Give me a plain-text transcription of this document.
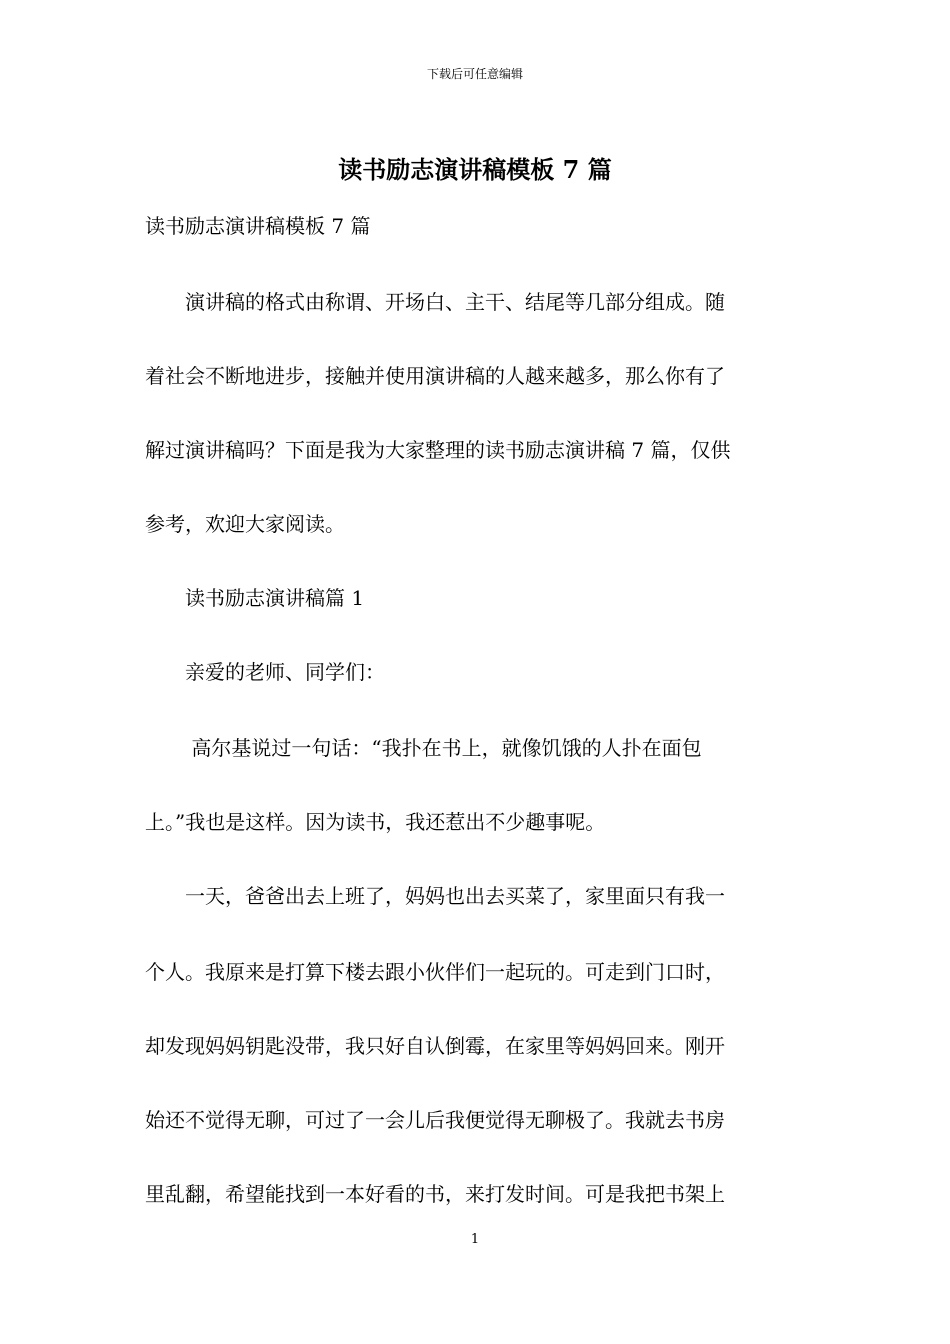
下载后可任意编辑
读书励志演讲稿模板 7 篇
读书励志演讲稿模板 7 篇
　　演讲稿的格式由称谓、开场白、主干、结尾等几部分组成。随
着社会不断地进步，接触并使用演讲稿的人越来越多，那么你有了
解过演讲稿吗？下面是我为大家整理的读书励志演讲稿 7 篇，仅供
参考，欢迎大家阅读。
　　读书励志演讲稿篇 1
　　亲爱的老师、同学们：
　　 高尔基说过一句话：“我扑在书上，就像饥饿的人扑在面包
上。”我也是这样。因为读书，我还惹出不少趣事呢。
　　一天，爸爸出去上班了，妈妈也出去买菜了，家里面只有我一
个人。我原来是打算下楼去跟小伙伴们一起玩的。可走到门口时，
却发现妈妈钥匙没带，我只好自认倒霉，在家里等妈妈回来。刚开
始还不觉得无聊，可过了一会儿后我便觉得无聊极了。我就去书房
里乱翻，希望能找到一本好看的书，来打发时间。可是我把书架上
1
